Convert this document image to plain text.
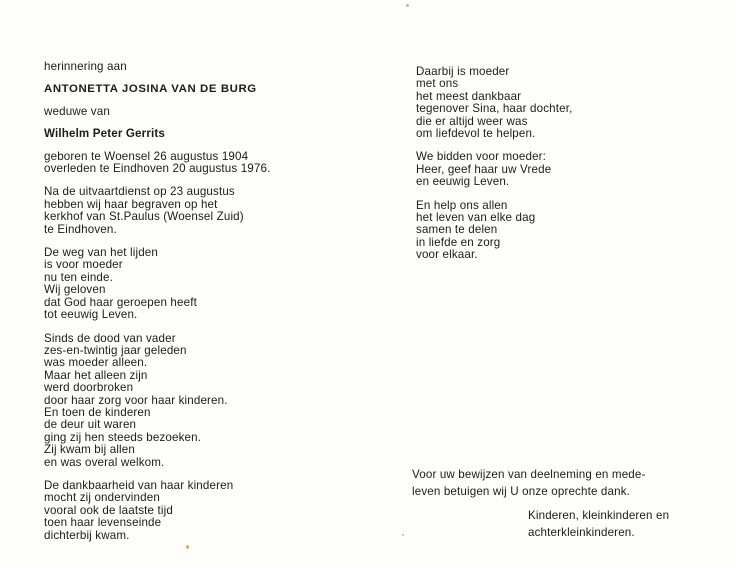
herinnering aan
ANTONETTA JOSINA VAN DE BURG
weduwe van
Wilhelm Peter Gerrits
geboren te Woensel 26 augustus 1904
overleden te Eindhoven 20 augustus 1976.
Na de uitvaartdienst op 23 augustus
hebben wij haar begraven op het
kerkhof van St.Paulus (Woensel Zuid)
te Eindhoven.
De weg van het lijden
is voor moeder
nu ten einde.
Wij geloven
dat God haar geroepen heeft
tot eeuwig Leven.
Sinds de dood van vader
zes-en-twintig jaar geleden
was moeder alleen.
Maar het alleen zijn
werd doorbroken
door haar zorg voor haar kinderen.
En toen de kinderen
de deur uit waren
ging zij hen steeds bezoeken.
Zij kwam bij allen
en was overal welkom.
De dankbaarheid van haar kinderen
mocht zij ondervinden
vooral ook de laatste tijd
toen haar levenseinde
dichterbij kwam.
Daarbij is moeder
met ons
het meest dankbaar
tegenover Sina, haar dochter,
die er altijd weer was
om liefdevol te helpen.
We bidden voor moeder:
Heer, geef haar uw Vrede
en eeuwig Leven.
En help ons allen
het leven van elke dag
samen te delen
in liefde en zorg
voor elkaar.
Voor uw bewijzen van deelneming en mede-
leven betuigen wij U onze oprechte dank.
Kinderen, kleinkinderen en
achterkleinkinderen.
